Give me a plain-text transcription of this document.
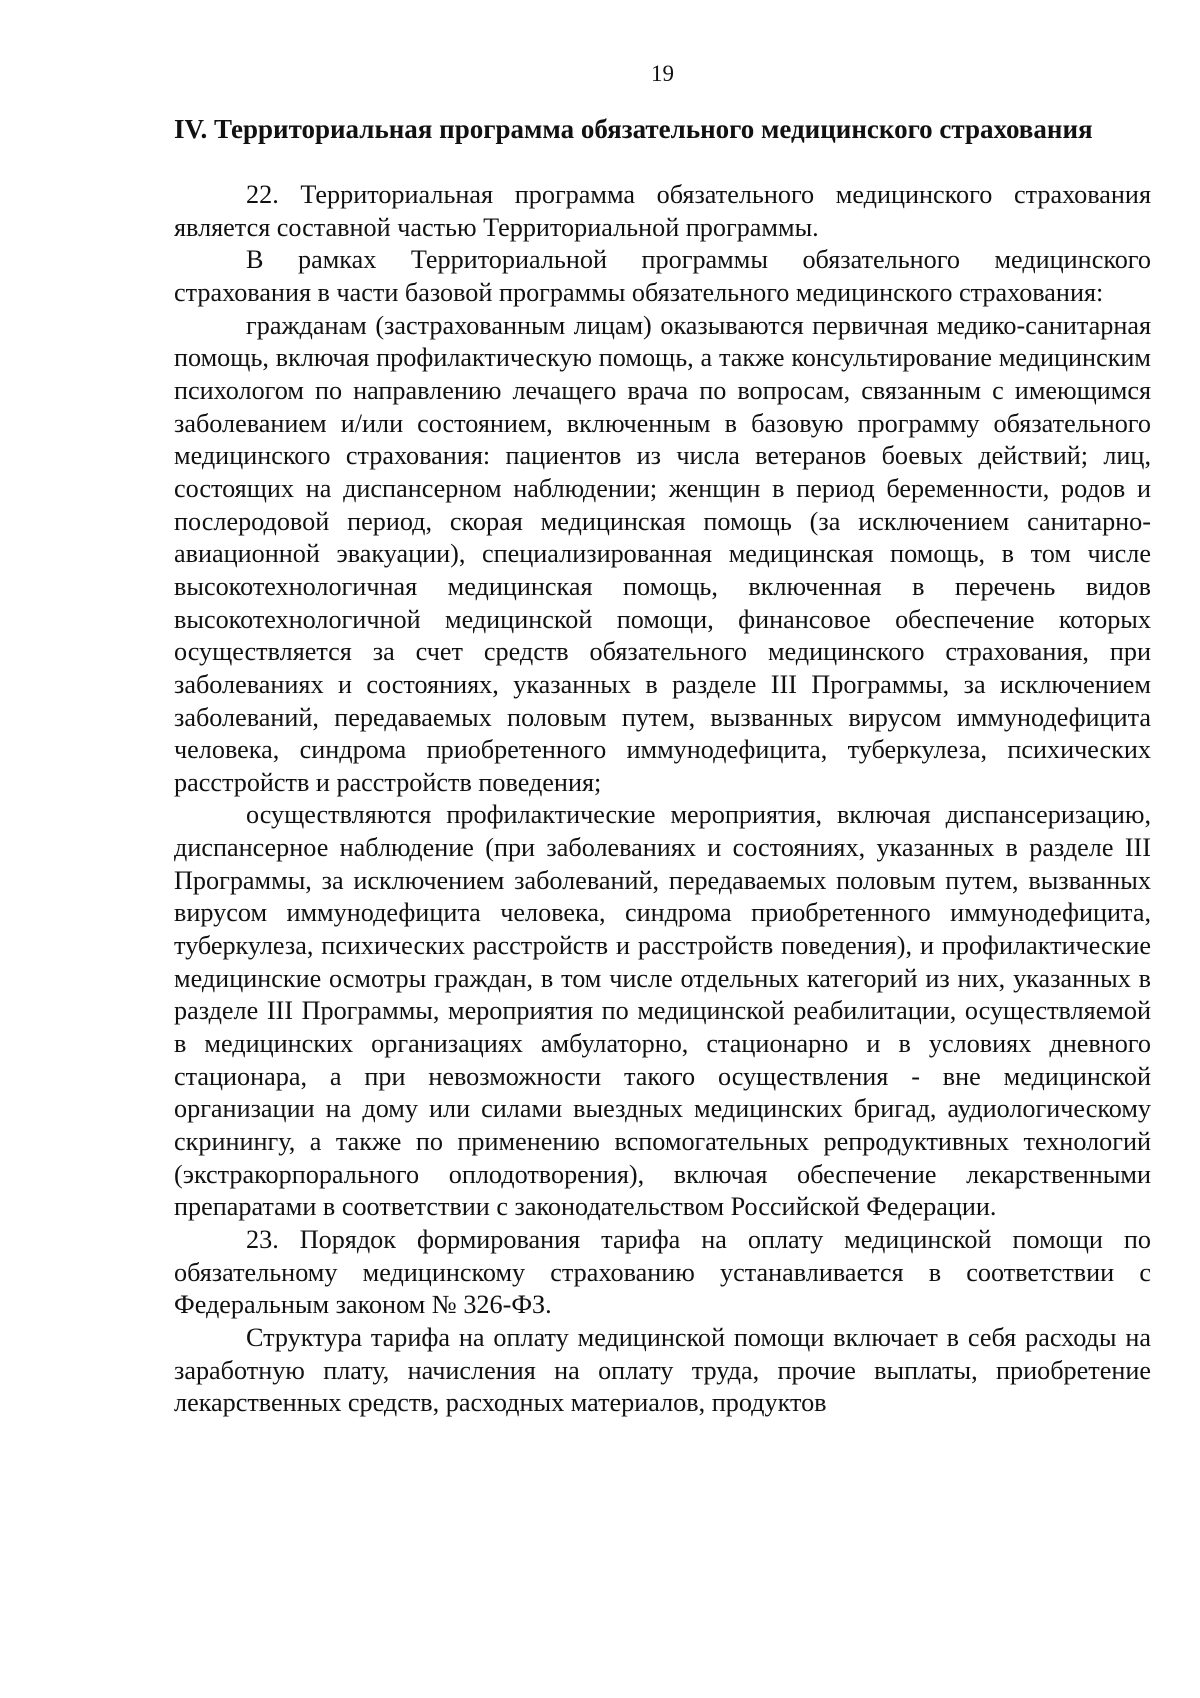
19
IV. Территориальная программа обязательного медицинского страхования

22. Территориальная программа обязательного медицинского страхования является составной частью Территориальной программы.

В рамках Территориальной программы обязательного медицинского страхования в части базовой программы обязательного медицинского страхования:

гражданам (застрахованным лицам) оказываются первичная медико-санитарная помощь, включая профилактическую помощь, а также консультирование медицинским психологом по направлению лечащего врача по вопросам, связанным с имеющимся заболеванием и/или состоянием, включенным в базовую программу обязательного медицинского страхования: пациентов из числа ветеранов боевых действий; лиц, состоящих на диспансерном наблюдении; женщин в период беременности, родов и послеродовой период, скорая медицинская помощь (за исключением санитарно-авиационной эвакуации), специализированная медицинская помощь, в том числе высокотехнологичная медицинская помощь, включенная в перечень видов высокотехнологичной медицинской помощи, финансовое обеспечение которых осуществляется за счет средств обязательного медицинского страхования, при заболеваниях и состояниях, указанных в разделе III Программы, за исключением заболеваний, передаваемых половым путем, вызванных вирусом иммунодефицита человека, синдрома приобретенного иммунодефицита, туберкулеза, психических расстройств и расстройств поведения;

осуществляются профилактические мероприятия, включая диспансеризацию, диспансерное наблюдение (при заболеваниях и состояниях, указанных в разделе III Программы, за исключением заболеваний, передаваемых половым путем, вызванных вирусом иммунодефицита человека, синдрома приобретенного иммунодефицита, туберкулеза, психических расстройств и расстройств поведения), и профилактические медицинские осмотры граждан, в том числе отдельных категорий из них, указанных в разделе III Программы, мероприятия по медицинской реабилитации, осуществляемой в медицинских организациях амбулаторно, стационарно и в условиях дневного стационара, а при невозможности такого осуществления - вне медицинской организации на дому или силами выездных медицинских бригад, аудиологическому скринингу, а также по применению вспомогательных репродуктивных технологий (экстракорпорального оплодотворения), включая обеспечение лекарственными препаратами в соответствии с законодательством Российской Федерации.

23. Порядок формирования тарифа на оплату медицинской помощи по обязательному медицинскому страхованию устанавливается в соответствии с Федеральным законом № 326-ФЗ.

Структура тарифа на оплату медицинской помощи включает в себя расходы на заработную плату, начисления на оплату труда, прочие выплаты, приобретение лекарственных средств, расходных материалов, продуктов
